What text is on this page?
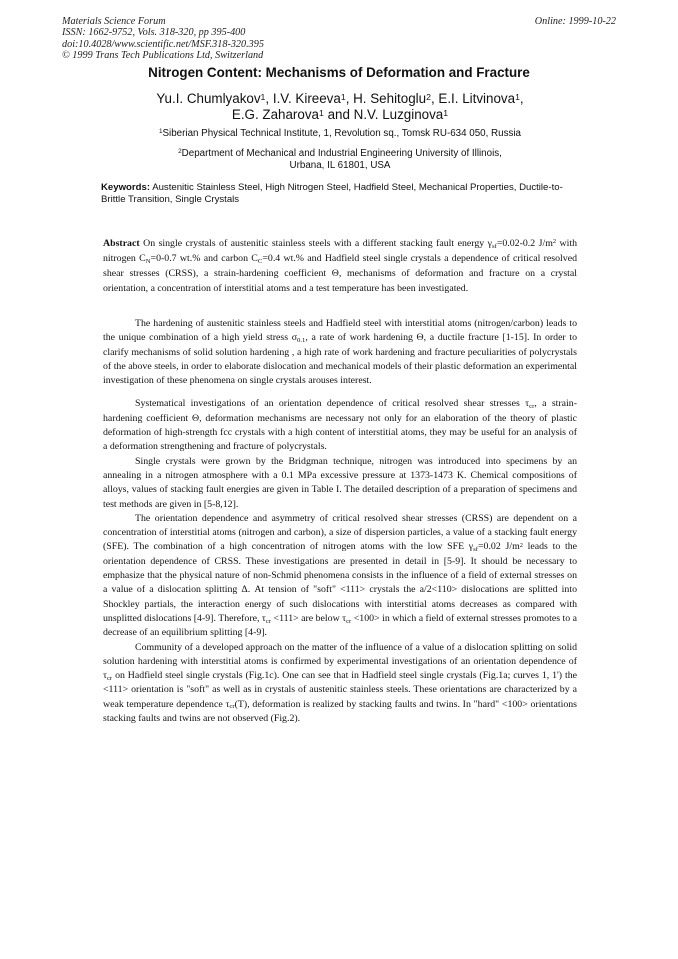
Materials Science Forum
ISSN: 1662-9752, Vols. 318-320, pp 395-400
doi:10.4028/www.scientific.net/MSF.318-320.395
© 1999 Trans Tech Publications Ltd, Switzerland
Online: 1999-10-22
Nitrogen Content: Mechanisms of Deformation and Fracture
Yu.I. Chumlyakov$^1$, I.V. Kireeva$^1$, H. Sehitoglu$^2$, E.I. Litvinova$^1$,
E.G. Zaharova$^1$ and N.V. Luzginova$^1$
$^1$Siberian Physical Technical Institute, 1, Revolution sq., Tomsk RU-634 050, Russia
$^2$Department of Mechanical and Industrial Engineering University of Illinois,
Urbana, IL 61801, USA
Keywords: Austenitic Stainless Steel, High Nitrogen Steel, Hadfield Steel, Mechanical Properties, Ductile-to-Brittle Transition, Single Crystals
Abstract On single crystals of austenitic stainless steels with a different stacking fault energy $\gamma_{sf}=0.02-0.2$ $J/m^2$ with nitrogen $C_N=0-0.7$ wt.% and carbon $C_C=0.4$ wt.% and Hadfield steel single crystals a dependence of critical resolved shear stresses (CRSS), a strain-hardening coefficient Θ, mechanisms of deformation and fracture on a crystal orientation, a concentration of interstitial atoms and a test temperature has been investigated.

The hardening of austenitic stainless steels and Hadfield steel with interstitial atoms (nitrogen/carbon) leads to the unique combination of a high yield stress $\sigma_{0.1}$, a rate of work hardening Θ, a ductile fracture [1-15]. In order to clarify mechanisms of solid solution hardening , a high rate of work hardening and fracture peculiarities of polycrystals of the above steels, in order to elaborate dislocation and mechanical models of their plastic deformation an experimental investigation of these phenomena on single crystals arouses interest.

Systematical investigations of an orientation dependence of critical resolved shear stresses $\tau_{cr}$, a strain-hardening coefficient Θ, deformation mechanisms are necessary not only for an elaboration of the theory of plastic deformation of high-strength fcc crystals with a high content of interstitial atoms, they may be useful for an analysis of a deformation strengthening and fracture of polycrystals.

Single crystals were grown by the Bridgman technique, nitrogen was introduced into specimens by an annealing in a nitrogen atmosphere with a 0.1 MPa excessive pressure at 1373-1473 K. Chemical compositions of alloys, values of stacking fault energies are given in Table I. The detailed description of a preparation of specimens and test methods are given in [5-8,12].

The orientation dependence and asymmetry of critical resolved shear stresses (CRSS) are dependent on a concentration of interstitial atoms (nitrogen and carbon), a size of dispersion particles, a value of a stacking fault energy (SFE). The combination of a high concentration of nitrogen atoms with the low SFE $\gamma_{sf}=0.02$ $J/m^2$ leads to the orientation dependence of CRSS. These investigations are presented in detail in [5-9]. It should be necessary to emphasize that the physical nature of non-Schmid phenomena consists in the influence of a field of external stresses on a value of a dislocation splitting Δ. At tension of "soft" <111> crystals the a/2<110> dislocations are splitted into Shockley partials, the interaction energy of such dislocations with interstitial atoms decreases as compared with unsplitted dislocations [4-9]. Therefore, $\tau_{cr} <111>$ are below $\tau_{cr} <100>$ in which a field of external stresses promotes to a decrease of an equilibrium splitting [4-9].

Community of a developed approach on the matter of the influence of a value of a dislocation splitting on solid solution hardening with interstitial atoms is confirmed by experimental investigations of an orientation dependence of $\tau_{cr}$ on Hadfield steel single crystals (Fig.1c). One can see that in Hadfield steel single crystals (Fig.1a; curves 1, 1') the <111> orientation is "soft" as well as in crystals of austenitic stainless steels. These orientations are characterized by a weak temperature dependence $\tau_{cr}(T)$, deformation is realized by stacking faults and twins. In "hard" <100> orientations stacking faults and twins are not observed (Fig.2).
